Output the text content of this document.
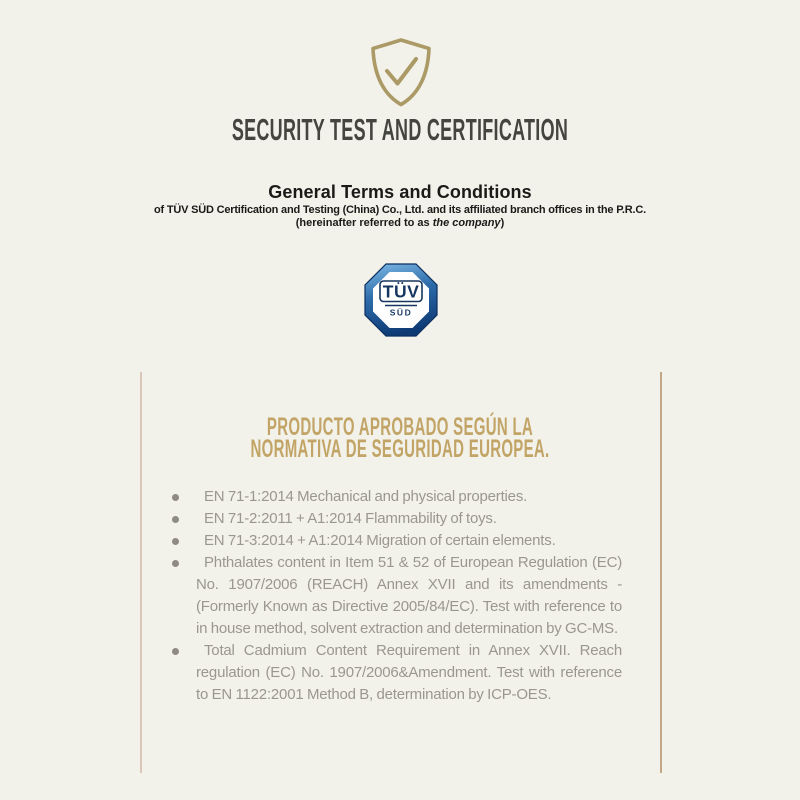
SECURITY TEST AND CERTIFICATION
General Terms and Conditions
of TÜV SÜD Certification and Testing (China) Co., Ltd. and its affiliated branch offices in the P.R.C.
(hereinafter referred to as the company)
TÜV
SÜD
PRODUCTO APROBADO SEGÚN LA
NORMATIVA DE SEGURIDAD EUROPEA.
EN 71-1:2014 Mechanical and physical properties.
EN 71-2:2011 + A1:2014 Flammability of toys.
EN 71-3:2014 + A1:2014 Migration of certain elements.
Phthalates content in Item 51 & 52 of European Regulation (EC) No. 1907/2006 (REACH) Annex XVII and its amendments - (Formerly Known as Directive 2005/84/EC). Test with reference to in house method, solvent extraction and determination by GC-MS.
Total Cadmium Content Requirement in Annex XVII. Reach regulation (EC) No. 1907/2006&Amendment. Test with reference to EN 1122:2001 Method B, determination by ICP-OES.
